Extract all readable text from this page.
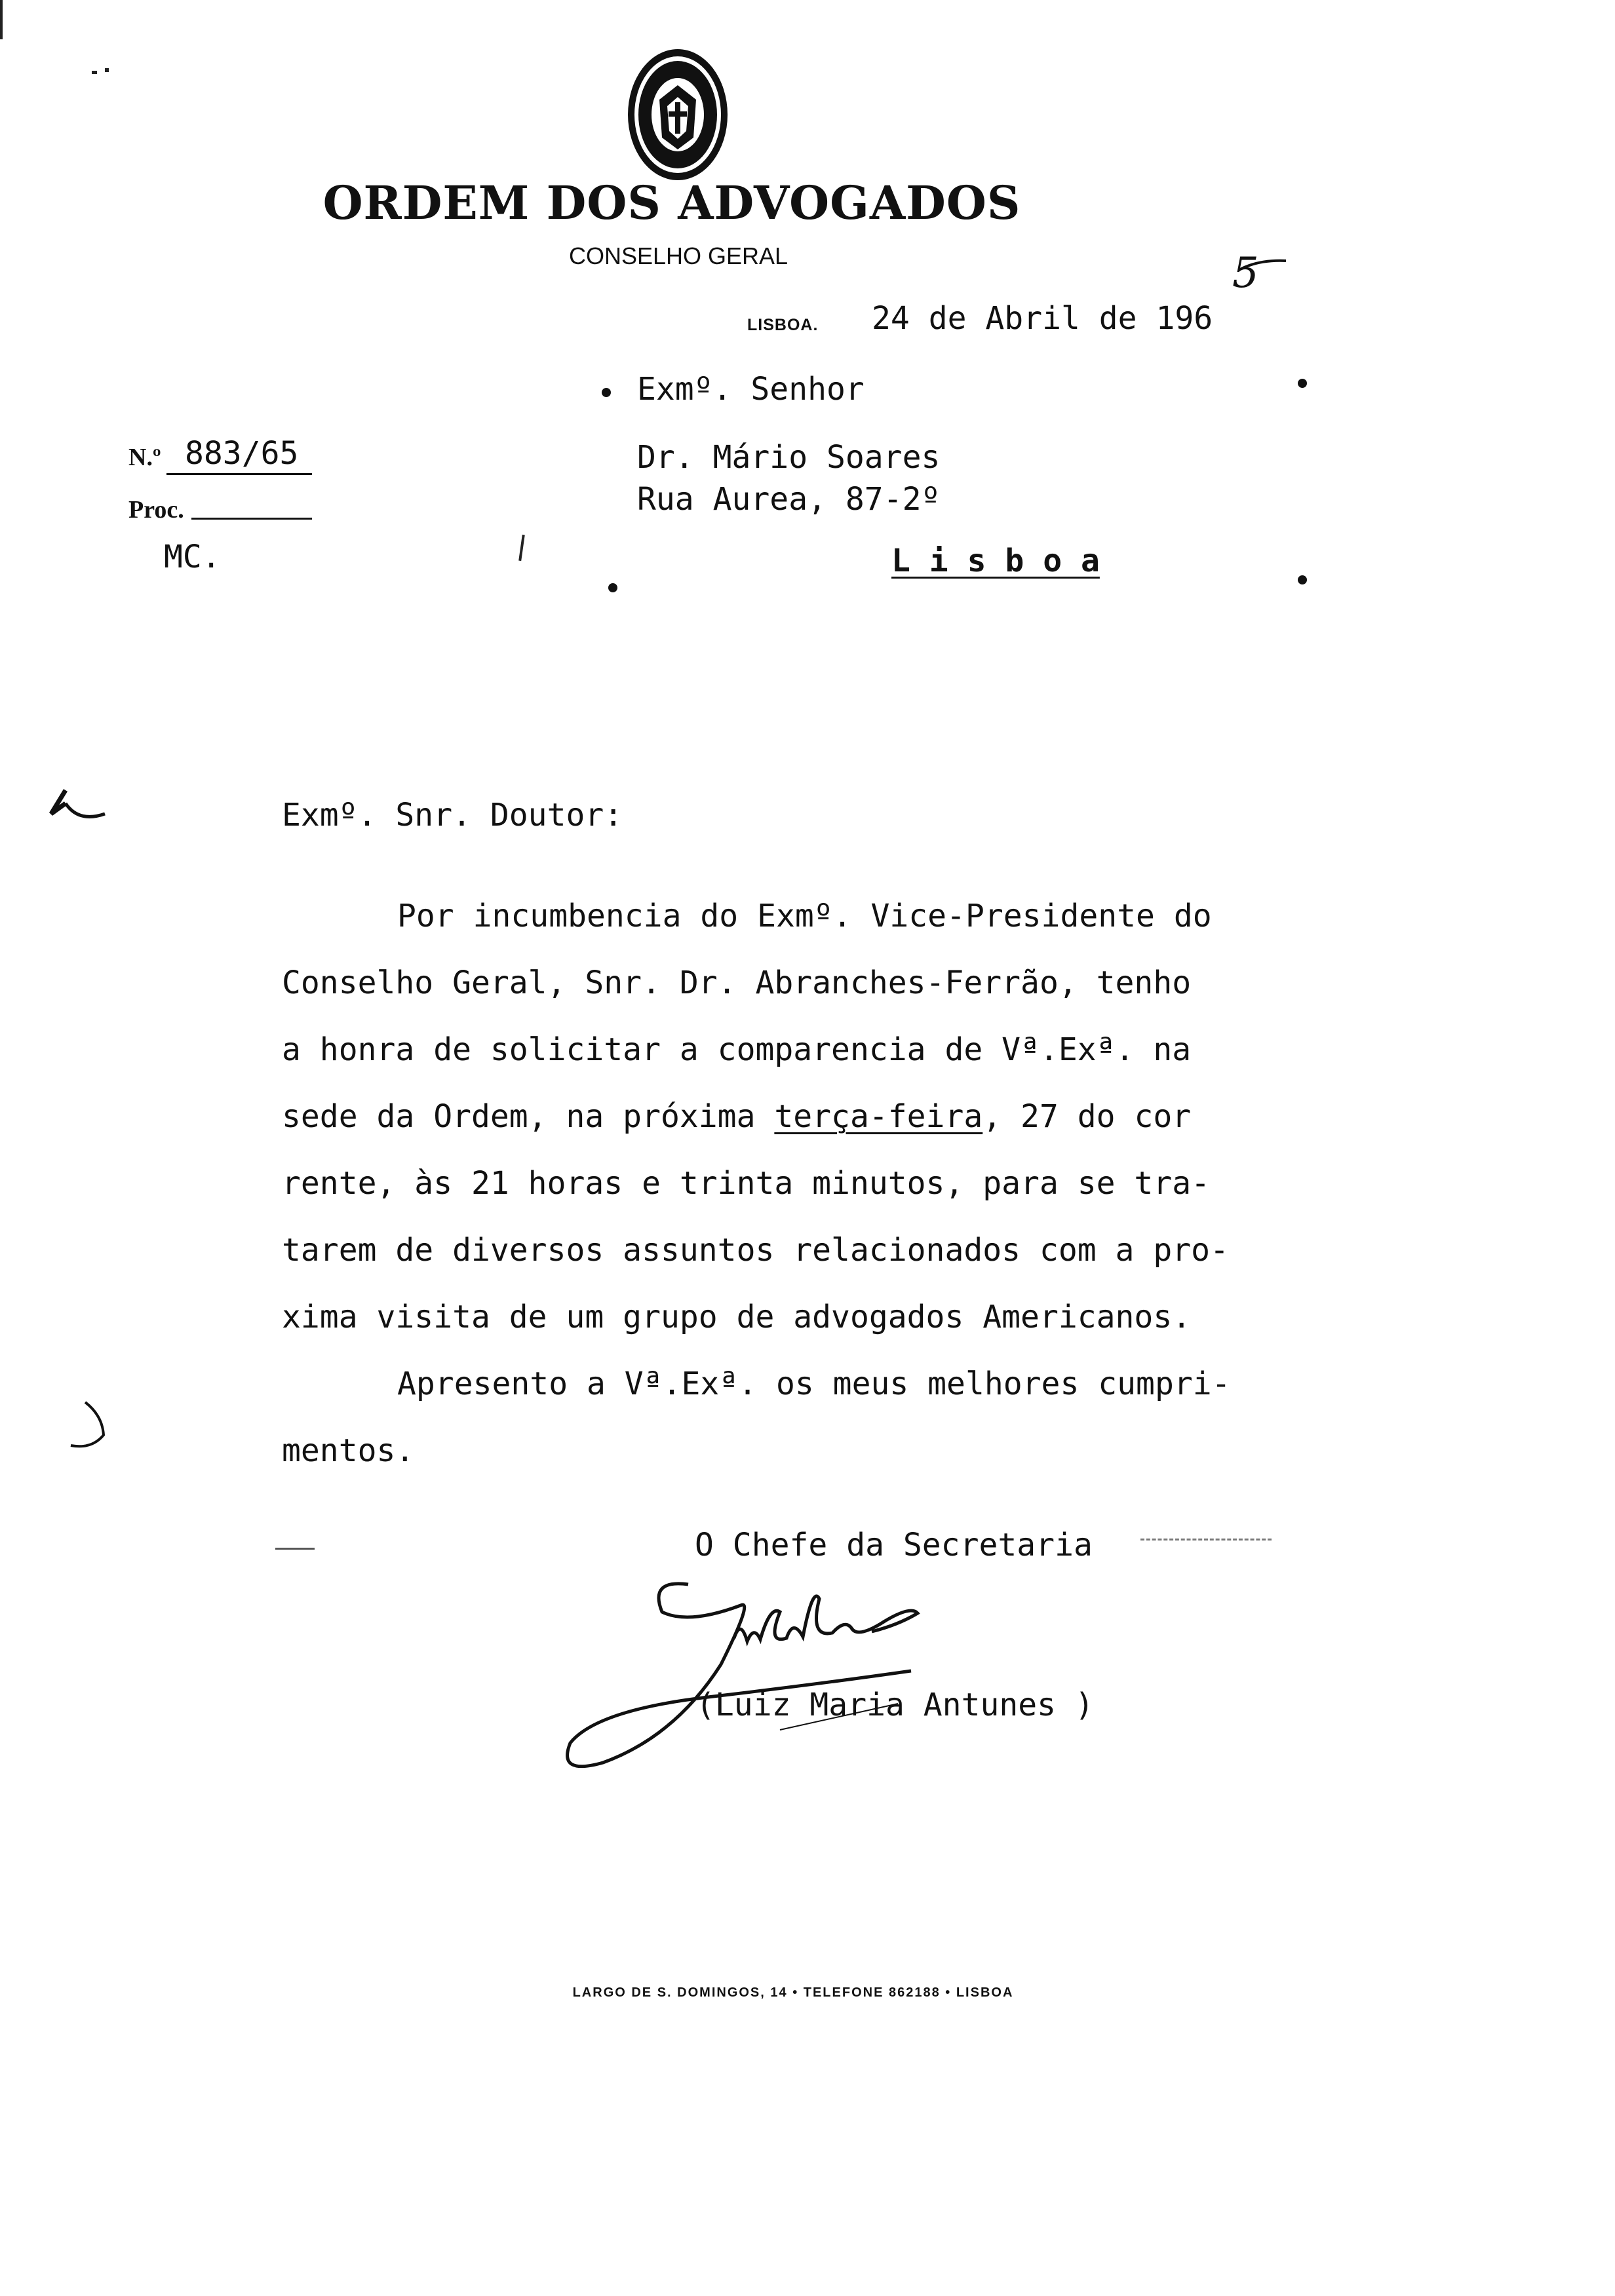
ORDEM DOS ADVOGADOS
CONSELHO GERAL
LISBOA. 24 de Abril de 196
5
Exmº. Senhor
Dr. Mário Soares
Rua Aurea, 87-2º
L i s b o a
N.º 883/65
Proc.
MC.
Exmº. Snr. Doutor:
Por incumbencia do Exmº. Vice-Presidente do
Conselho Geral, Snr. Dr. Abranches-Ferrão, tenho
a honra de solicitar a comparencia de Vª.Exª. na
sede da Ordem, na próxima terça-feira, 27 do cor
rente, às 21 horas e trinta minutos, para se tra-
tarem de diversos assuntos relacionados com a pro-
xima visita de um grupo de advogados Americanos.
Apresento a Vª.Exª. os meus melhores cumpri-
mentos.
O Chefe da Secretaria
(Luiz Maria Antunes )
LARGO DE S. DOMINGOS, 14 • TELEFONE 862188 • LISBOA
